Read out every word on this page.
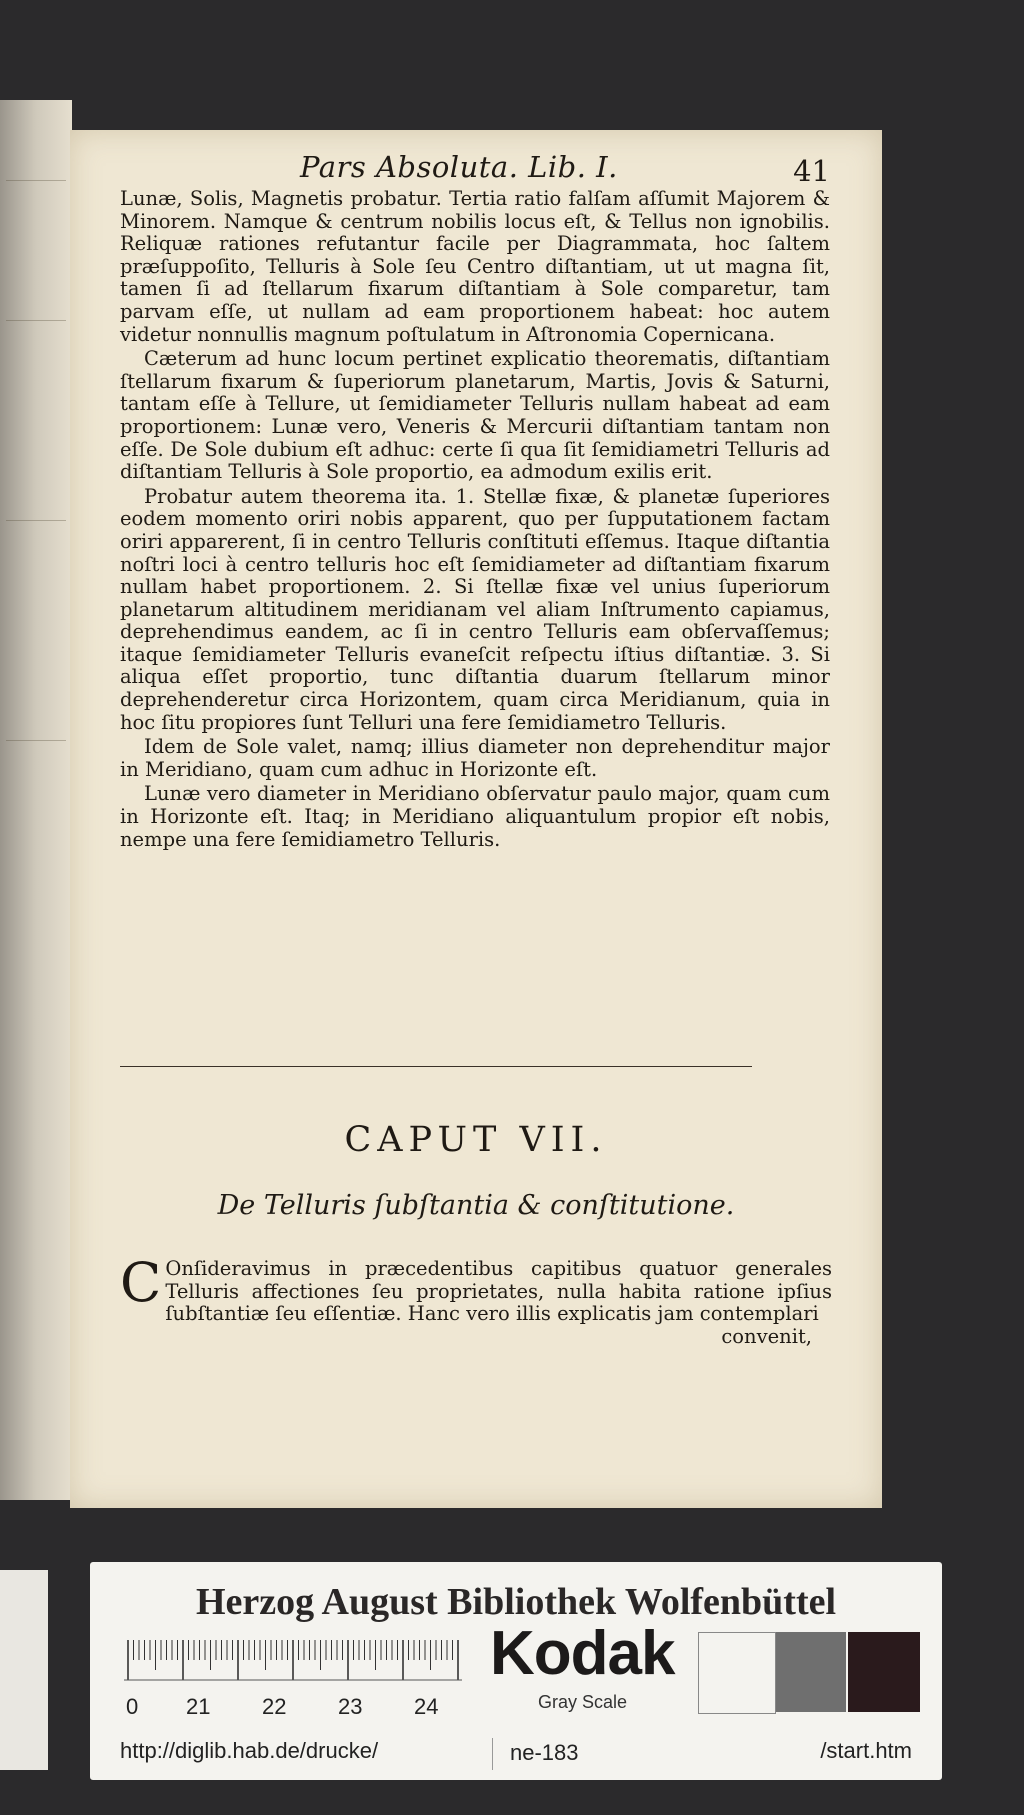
Pars Absoluta. Lib. I.	41

Lunæ, Solis, Magnetis probatur. Tertia ratio falſam aſſumit Majorem & Minorem. Namque & centrum nobilis locus eſt, & Tellus non ignobilis. Reliquæ rationes refutantur facile per Diagrammata, hoc ſaltem præſuppoſito, Telluris à Sole ſeu Centro diſtantiam, ut ut magna ſit, tamen ſi ad ſtellarum fixarum diſtantiam à Sole comparetur, tam parvam eſſe, ut nullam ad eam proportionem habeat: hoc autem videtur nonnullis magnum poſtulatum in Aſtronomia Copernicana.

Cæterum ad hunc locum pertinet explicatio theorematis, diſtantiam ſtellarum fixarum & ſuperiorum planetarum, Martis, Jovis & Saturni, tantam eſſe à Tellure, ut ſemidiameter Telluris nullam habeat ad eam proportionem: Lunæ vero, Veneris & Mercurii diſtantiam tantam non eſſe. De Sole dubium eſt adhuc: certe ſi qua ſit ſemidiametri Telluris ad diſtantiam Telluris à Sole proportio, ea admodum exilis erit.

Probatur autem theorema ita. 1. Stellæ fixæ, & planetæ ſuperiores eodem momento oriri nobis apparent, quo per ſupputationem factam oriri apparerent, ſi in centro Telluris conſtituti eſſemus. Itaque diſtantia noſtri loci à centro telluris hoc eſt ſemidiameter ad diſtantiam fixarum nullam habet proportionem. 2. Si ſtellæ fixæ vel unius ſuperiorum planetarum altitudinem meridianam vel aliam Inſtrumento capiamus, deprehendimus eandem, ac ſi in centro Telluris eam obſervaſſemus; itaque ſemidiameter Telluris evaneſcit reſpectu iſtius diſtantiæ. 3. Si aliqua eſſet proportio, tunc diſtantia duarum ſtellarum minor deprehenderetur circa Horizontem, quam circa Meridianum, quia in hoc ſitu propiores ſunt Telluri una fere ſemidiametro Telluris.

Idem de Sole valet, namq; illius diameter non deprehenditur major in Meridiano, quam cum adhuc in Horizonte eſt.

Lunæ vero diameter in Meridiano obſervatur paulo major, quam cum in Horizonte eſt. Itaq; in Meridiano aliquantulum propior eſt nobis, nempe una fere ſemidiametro Telluris.

CAPUT VII.
De Telluris ſubſtantia & conſtitutione.
C Onſideravimus in præcedentibus capitibus quatuor generales Telluris affectiones ſeu proprietates, nulla habita ratione ipſius ſubſtantiæ ſeu eſſentiæ. Hanc vero illis explicatis jam contemplari
convenit,
Herzog August Bibliothek Wolfenbüttel
0 21 22 23 24
Kodak
Gray Scale
http://diglib.hab.de/drucke/	ne-183	/start.htm
